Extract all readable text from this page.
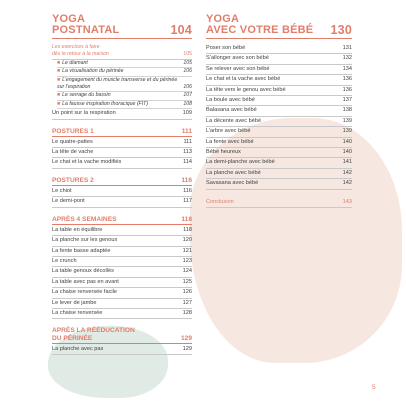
YOGA
POSTNATAL	104
Les exercices à faire
dès le retour à la maison	105
■ Le diamant	105
■ La visualisation du périnée	106
■ L’engagement du muscle transverse et du périnée sur l’expiration	106
■ Le serrage du bassin	107
■ La fausse inspiration thoracique (FIT)	108
Un point sur la respiration	109
POSTURES 1	111
Le quatre-pattes	111
La tête de vache	113
Le chat et la vache modifiés	114
POSTURES 2	116
Le chiot	116
Le demi-pont	117
APRÈS 4 SEMAINES	118
La table en équilibre	118
La planche sur les genoux	120
La fente basse adaptée	121
Le crunch	123
La table genoux décollés	124
La table avec pas en avant	125
La chaise renversée facile	126
Le lever de jambe	127
La chaise renversée	128
APRÈS LA RÉÉDUCATION DU PÉRINÉE	129
La planche avec pas	129
YOGA
AVEC VOTRE BÉBÉ 130
Poser son bébé	131
S’allonger avec son bébé	132
Se relever avec son bébé	134
Le chat et la vache avec bébé	136
La tête vers le genou avec bébé	136
La boule avec bébé	137
Balasana avec bébé	138
La décente avec bébé	139
L’arbre avec bébé	139
La fente avec bébé	140
Bébé heureux	140
La demi-planche avec bébé	141
La planche avec bébé	142
Savasana avec bébé	142
Conclusion	143
5
